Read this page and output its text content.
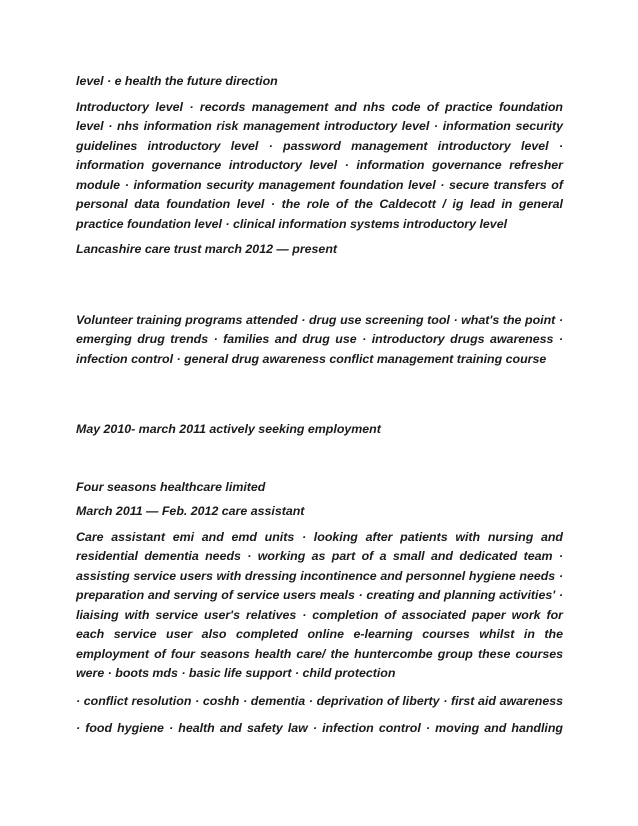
level · e health the future direction

Introductory level · records management and nhs code of practice foundation level · nhs information risk management introductory level · information security guidelines introductory level · password management introductory level · information governance introductory level · information governance refresher module · information security management foundation level · secure transfers of personal data foundation level · the role of the Caldecott / ig lead in general practice foundation level · clinical information systems introductory level

Lancashire care trust march 2012 — present

Volunteer training programs attended · drug use screening tool · what's the point · emerging drug trends · families and drug use · introductory drugs awareness · infection control · general drug awareness conflict management training course

May 2010- march 2011 actively seeking employment

Four seasons healthcare limited

March 2011 — Feb. 2012 care assistant

Care assistant emi and emd units · looking after patients with nursing and residential dementia needs · working as part of a small and dedicated team · assisting service users with dressing incontinence and personnel hygiene needs · preparation and serving of service users meals · creating and planning activities' · liaising with service user's relatives · completion of associated paper work for each service user also completed online e-learning courses whilst in the employment of four seasons health care/ the huntercombe group these courses were · boots mds · basic life support · child protection

· conflict resolution · coshh · dementia · deprivation of liberty · first aid awareness

· food hygiene · health and safety law · infection control · moving and handling
